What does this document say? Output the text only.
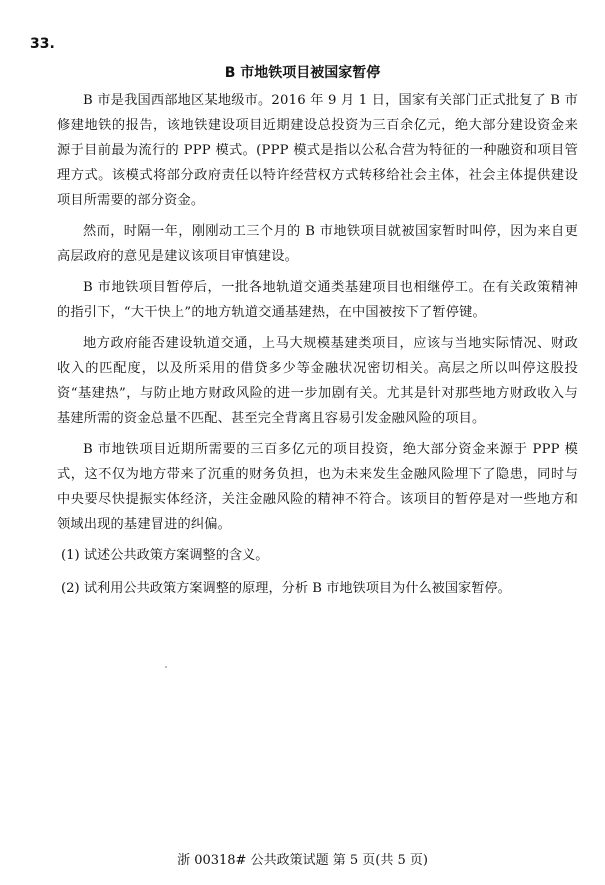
33.
B 市地铁项目被国家暂停

B 市是我国西部地区某地级市。2016 年 9 月 1 日，国家有关部门正式批复了 B 市修建地铁的报告，该地铁建设项目近期建设总投资为三百余亿元，绝大部分建设资金来源于目前最为流行的 PPP 模式。(PPP 模式是指以公私合营为特征的一种融资和项目管理方式。该模式将部分政府责任以特许经营权方式转移给社会主体，社会主体提供建设项目所需要的部分资金。

然而，时隔一年，刚刚动工三个月的 B 市地铁项目就被国家暂时叫停，因为来自更高层政府的意见是建议该项目审慎建设。

B 市地铁项目暂停后，一批各地轨道交通类基建项目也相继停工。在有关政策精神的指引下，“大干快上”的地方轨道交通基建热，在中国被按下了暂停键。

地方政府能否建设轨道交通，上马大规模基建类项目，应该与当地实际情况、财政收入的匹配度，以及所采用的借贷多少等金融状况密切相关。高层之所以叫停这股投资“基建热”，与防止地方财政风险的进一步加剧有关。尤其是针对那些地方财政收入与基建所需的资金总量不匹配、甚至完全背离且容易引发金融风险的项目。

B 市地铁项目近期所需要的三百多亿元的项目投资，绝大部分资金来源于 PPP 模式，这不仅为地方带来了沉重的财务负担，也为未来发生金融风险埋下了隐患，同时与中央要尽快提振实体经济，关注金融风险的精神不符合。该项目的暂停是对一些地方和领域出现的基建冒进的纠偏。

(1) 试述公共政策方案调整的含义。

(2) 试利用公共政策方案调整的原理，分析 B 市地铁项目为什么被国家暂停。

浙 00318# 公共政策试题 第 5 页(共 5 页)
